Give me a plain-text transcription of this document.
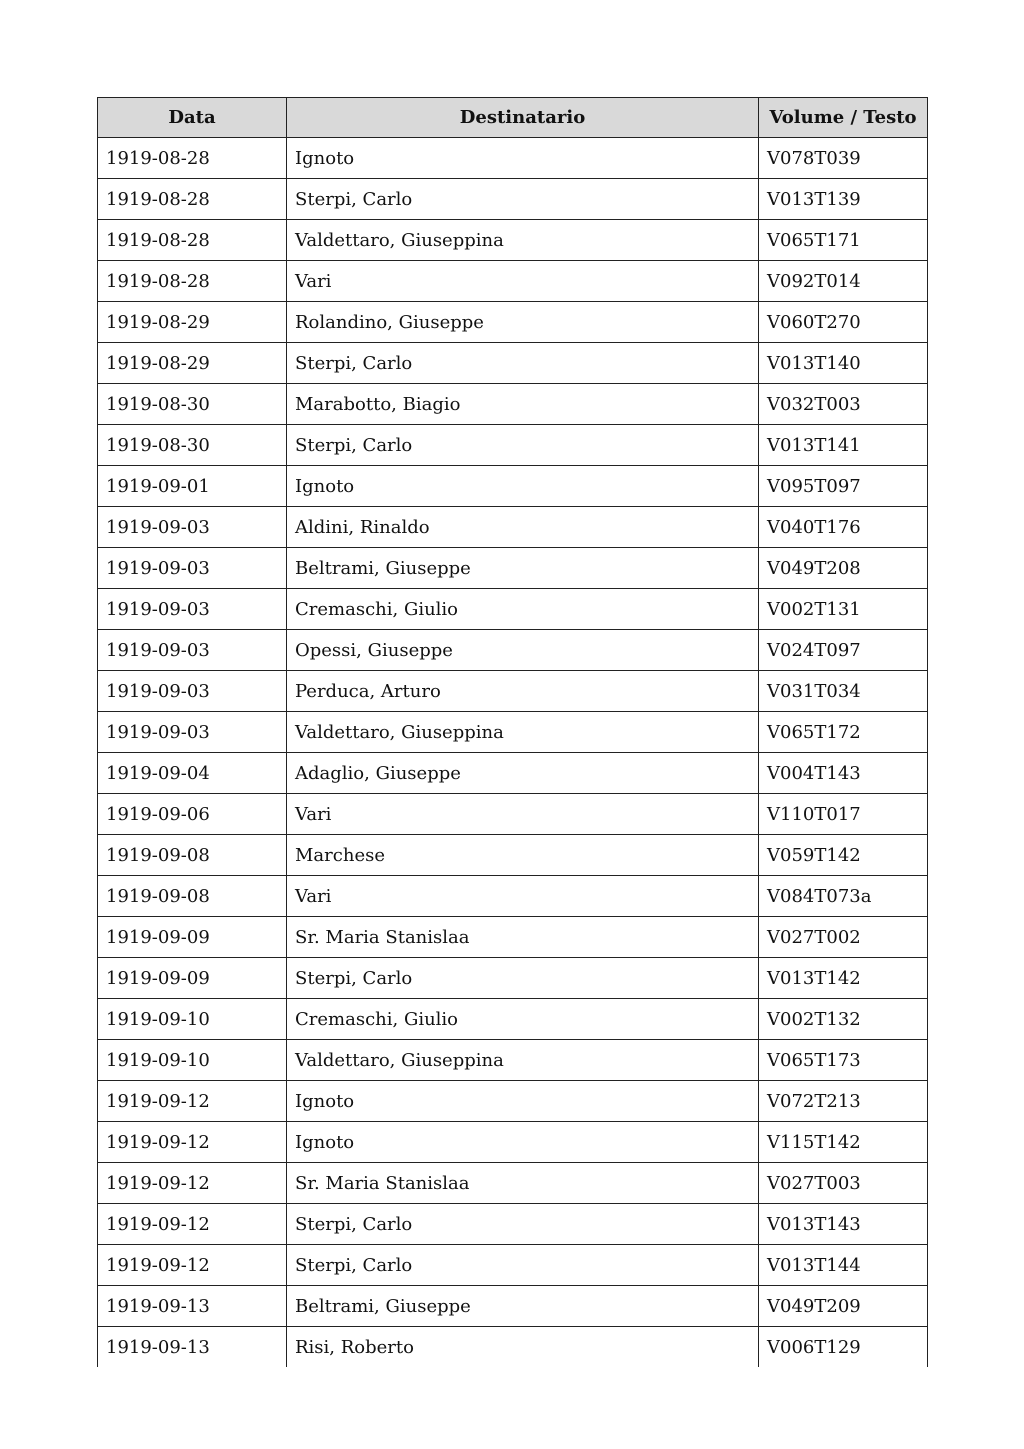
Data	Destinatario	Volume / Testo
1919-08-28	Ignoto	V078T039
1919-08-28	Sterpi, Carlo	V013T139
1919-08-28	Valdettaro, Giuseppina	V065T171
1919-08-28	Vari	V092T014
1919-08-29	Rolandino, Giuseppe	V060T270
1919-08-29	Sterpi, Carlo	V013T140
1919-08-30	Marabotto, Biagio	V032T003
1919-08-30	Sterpi, Carlo	V013T141
1919-09-01	Ignoto	V095T097
1919-09-03	Aldini, Rinaldo	V040T176
1919-09-03	Beltrami, Giuseppe	V049T208
1919-09-03	Cremaschi, Giulio	V002T131
1919-09-03	Opessi, Giuseppe	V024T097
1919-09-03	Perduca, Arturo	V031T034
1919-09-03	Valdettaro, Giuseppina	V065T172
1919-09-04	Adaglio, Giuseppe	V004T143
1919-09-06	Vari	V110T017
1919-09-08	Marchese	V059T142
1919-09-08	Vari	V084T073a
1919-09-09	Sr. Maria Stanislaa	V027T002
1919-09-09	Sterpi, Carlo	V013T142
1919-09-10	Cremaschi, Giulio	V002T132
1919-09-10	Valdettaro, Giuseppina	V065T173
1919-09-12	Ignoto	V072T213
1919-09-12	Ignoto	V115T142
1919-09-12	Sr. Maria Stanislaa	V027T003
1919-09-12	Sterpi, Carlo	V013T143
1919-09-12	Sterpi, Carlo	V013T144
1919-09-13	Beltrami, Giuseppe	V049T209
1919-09-13	Risi, Roberto	V006T129
